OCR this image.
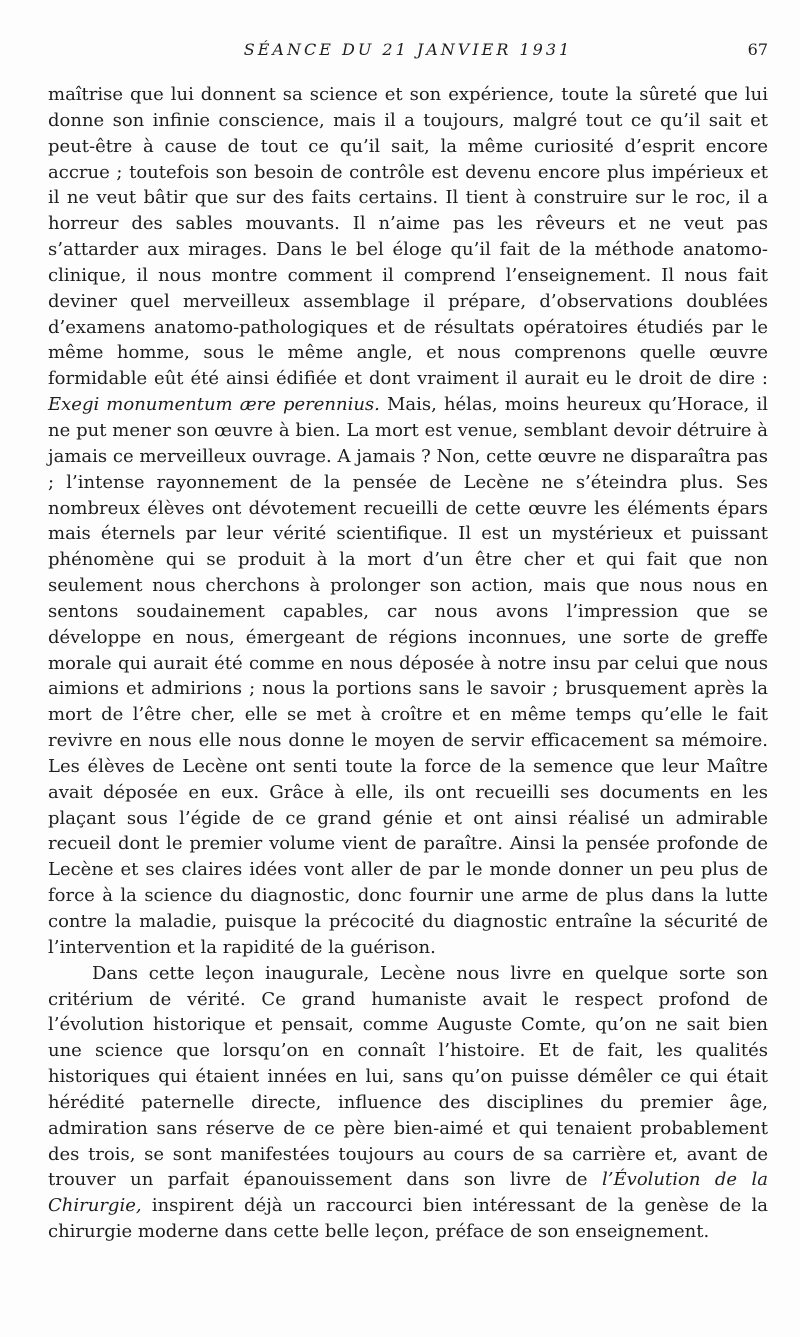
SÉANCE DU 21 JANVIER 1931	67

maîtrise que lui donnent sa science et son expérience, toute la sûreté que lui donne son infinie conscience, mais il a toujours, malgré tout ce qu’il sait et peut-être à cause de tout ce qu’il sait, la même curiosité d’esprit encore accrue ; toutefois son besoin de contrôle est devenu encore plus impérieux et il ne veut bâtir que sur des faits certains. Il tient à construire sur le roc, il a horreur des sables mouvants. Il n’aime pas les rêveurs et ne veut pas s’attarder aux mirages. Dans le bel éloge qu’il fait de la méthode anatomo-clinique, il nous montre comment il comprend l’enseignement. Il nous fait deviner quel merveilleux assemblage il prépare, d’observations doublées d’examens anatomo-pathologiques et de résultats opératoires étudiés par le même homme, sous le même angle, et nous comprenons quelle œuvre formidable eût été ainsi édifiée et dont vraiment il aurait eu le droit de dire : Exegi monumentum ære perennius. Mais, hélas, moins heureux qu’Horace, il ne put mener son œuvre à bien. La mort est venue, semblant devoir détruire à jamais ce merveilleux ouvrage. A jamais ? Non, cette œuvre ne disparaîtra pas ; l’intense rayonnement de la pensée de Lecène ne s’éteindra plus. Ses nombreux élèves ont dévotement recueilli de cette œuvre les éléments épars mais éternels par leur vérité scientifique. Il est un mystérieux et puissant phénomène qui se produit à la mort d’un être cher et qui fait que non seulement nous cherchons à prolonger son action, mais que nous nous en sentons soudainement capables, car nous avons l’impression que se développe en nous, émergeant de régions inconnues, une sorte de greffe morale qui aurait été comme en nous déposée à notre insu par celui que nous aimions et admirions ; nous la portions sans le savoir ; brusquement après la mort de l’être cher, elle se met à croître et en même temps qu’elle le fait revivre en nous elle nous donne le moyen de servir efficacement sa mémoire. Les élèves de Lecène ont senti toute la force de la semence que leur Maître avait déposée en eux. Grâce à elle, ils ont recueilli ses documents en les plaçant sous l’égide de ce grand génie et ont ainsi réalisé un admirable recueil dont le premier volume vient de paraître. Ainsi la pensée profonde de Lecène et ses claires idées vont aller de par le monde donner un peu plus de force à la science du diagnostic, donc fournir une arme de plus dans la lutte contre la maladie, puisque la précocité du diagnostic entraîne la sécurité de l’intervention et la rapidité de la guérison.

Dans cette leçon inaugurale, Lecène nous livre en quelque sorte son critérium de vérité. Ce grand humaniste avait le respect profond de l’évolution historique et pensait, comme Auguste Comte, qu’on ne sait bien une science que lorsqu’on en connaît l’histoire. Et de fait, les qualités historiques qui étaient innées en lui, sans qu’on puisse démêler ce qui était hérédité paternelle directe, influence des disciplines du premier âge, admiration sans réserve de ce père bien-aimé et qui tenaient probablement des trois, se sont manifestées toujours au cours de sa carrière et, avant de trouver un parfait épanouissement dans son livre de l’Évolution de la Chirurgie, inspirent déjà un raccourci bien intéressant de la genèse de la chirurgie moderne dans cette belle leçon, préface de son enseignement.
